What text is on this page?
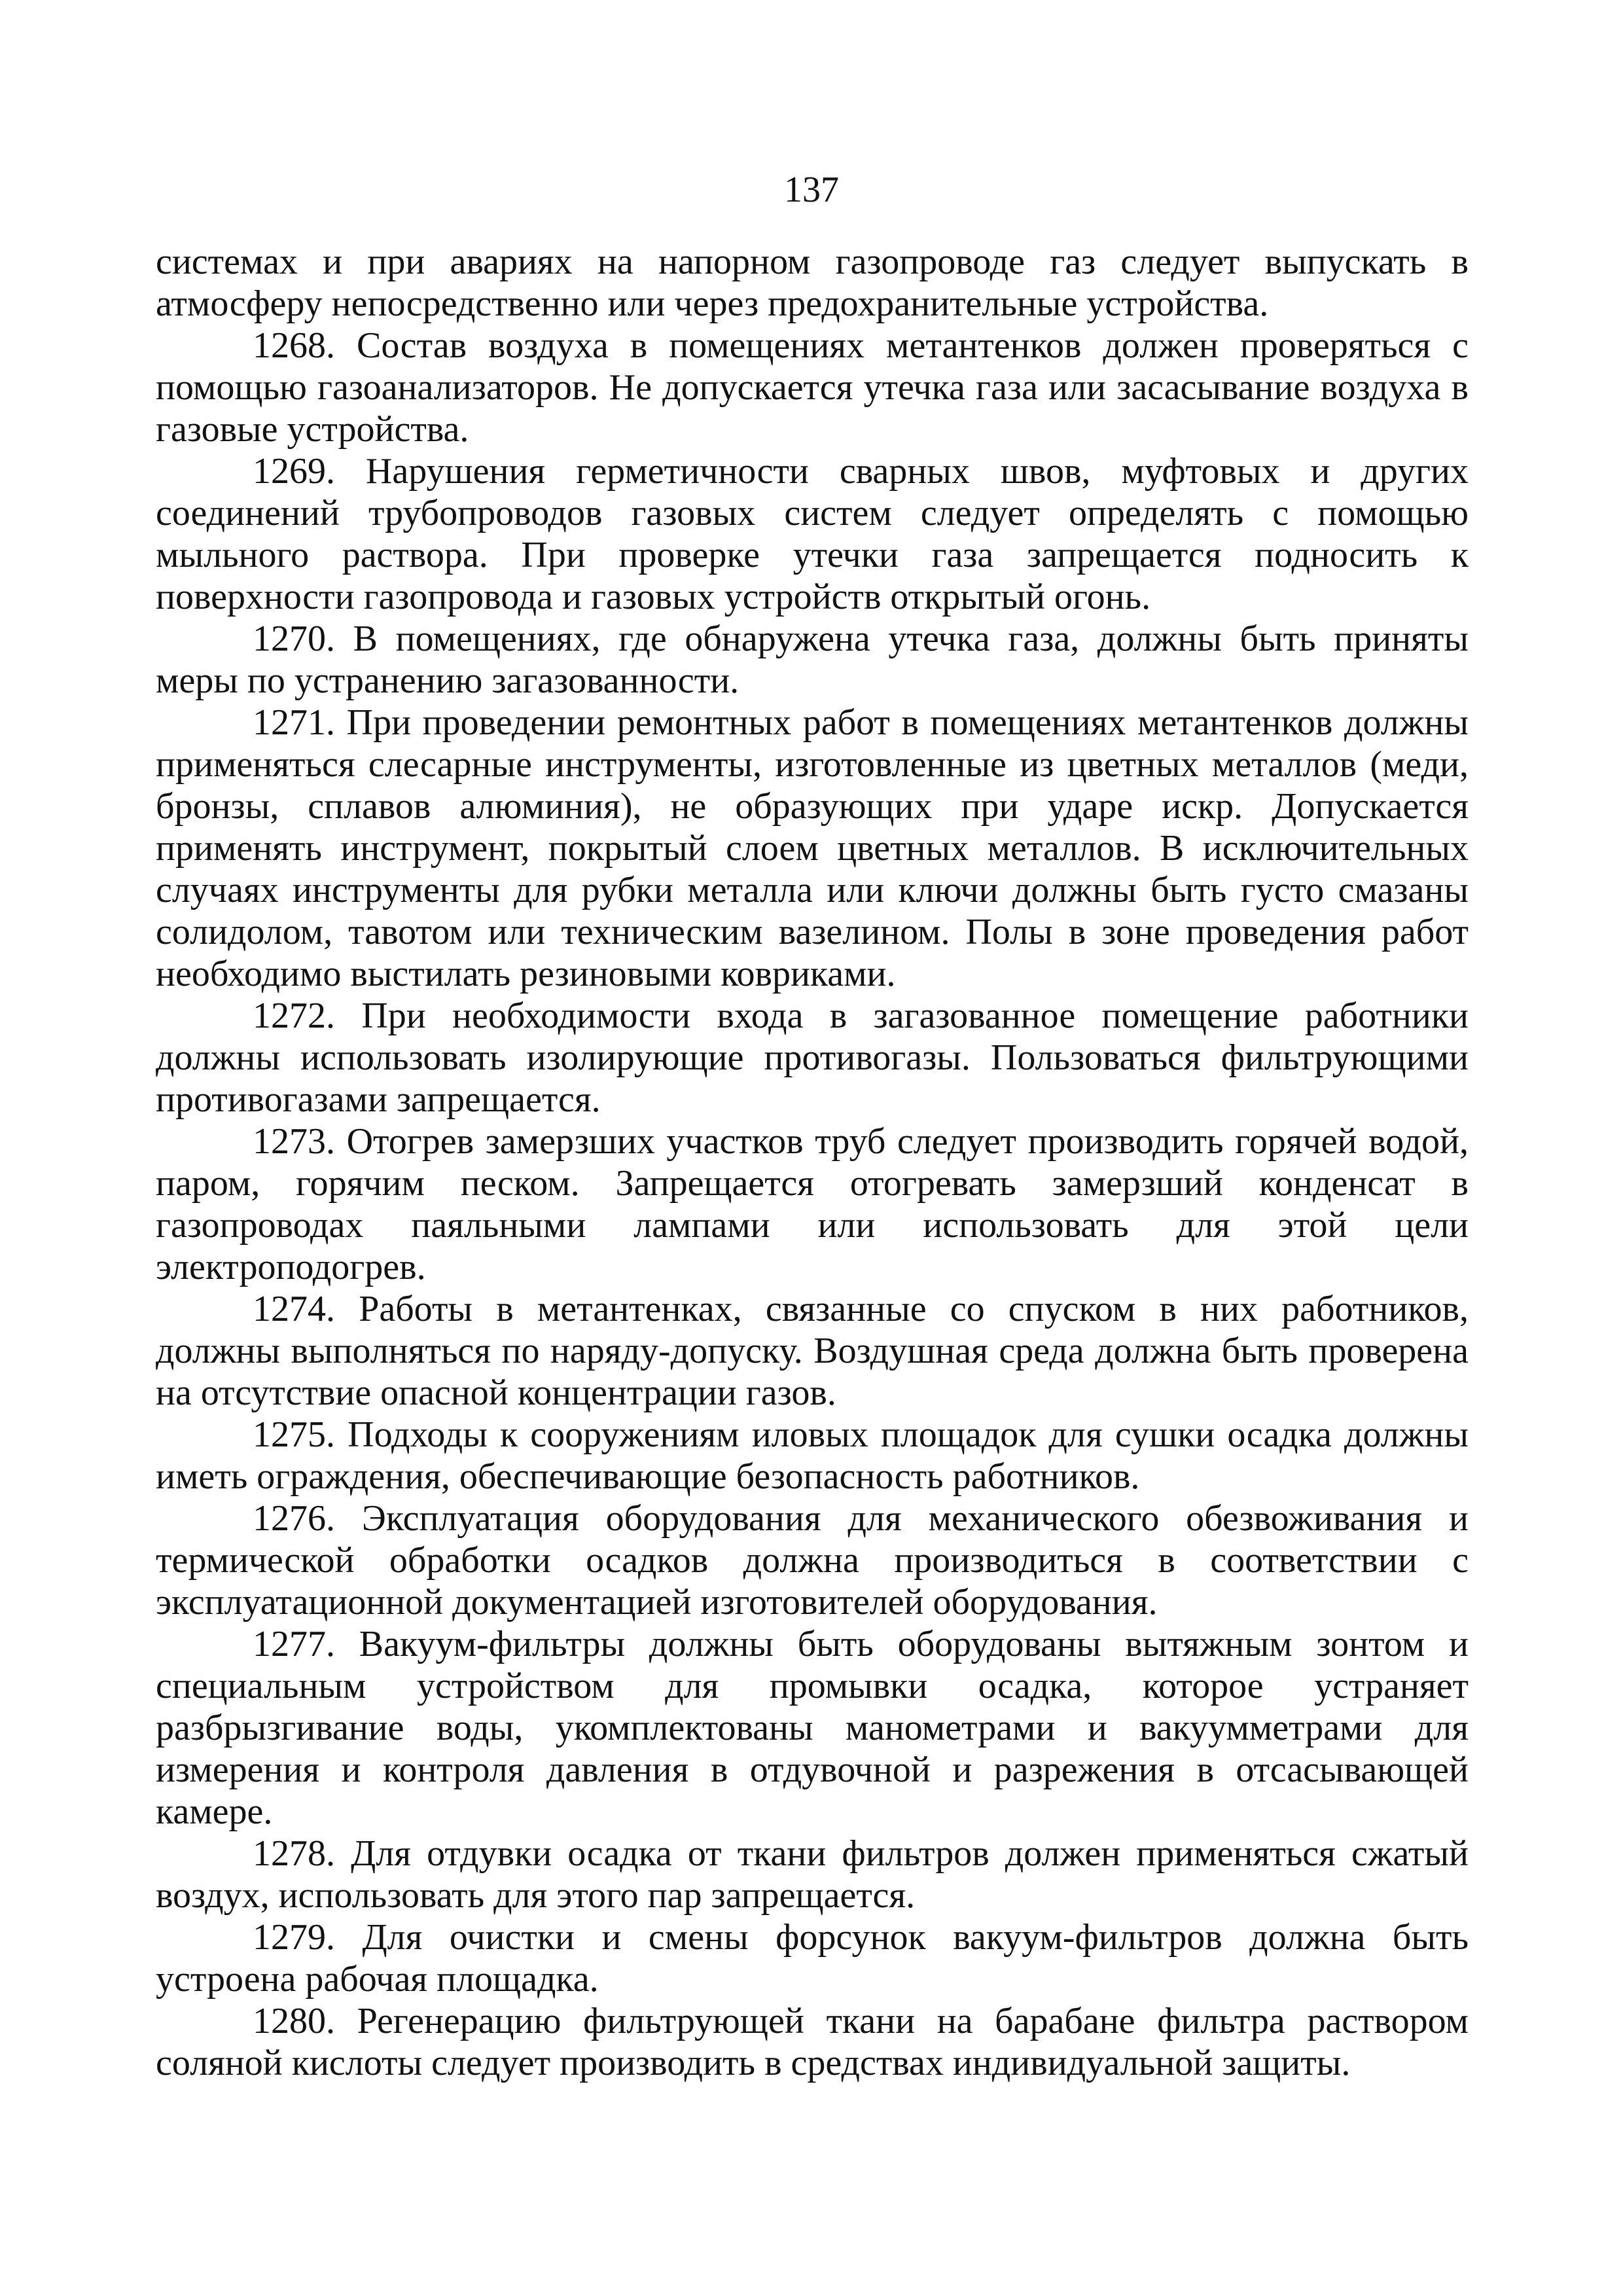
137

системах и при авариях на напорном газопроводе газ следует выпускать в атмосферу непосредственно или через предохранительные устройства.

1268. Состав воздуха в помещениях метантенков должен проверяться с помощью газоанализаторов. Не допускается утечка газа или засасывание воздуха в газовые устройства.

1269. Нарушения герметичности сварных швов, муфтовых и других соединений трубопроводов газовых систем следует определять с помощью мыльного раствора. При проверке утечки газа запрещается подносить к поверхности газопровода и газовых устройств открытый огонь.

1270. В помещениях, где обнаружена утечка газа, должны быть приняты меры по устранению загазованности.

1271. При проведении ремонтных работ в помещениях метантенков должны применяться слесарные инструменты, изготовленные из цветных металлов (меди, бронзы, сплавов алюминия), не образующих при ударе искр. Допускается применять инструмент, покрытый слоем цветных металлов. В исключительных случаях инструменты для рубки металла или ключи должны быть густо смазаны солидолом, тавотом или техническим вазелином. Полы в зоне проведения работ необходимо выстилать резиновыми ковриками.

1272. При необходимости входа в загазованное помещение работники должны использовать изолирующие противогазы. Пользоваться фильтрующими противогазами запрещается.

1273. Отогрев замерзших участков труб следует производить горячей водой, паром, горячим песком. Запрещается отогревать замерзший конденсат в газопроводах паяльными лампами или использовать для этой цели электроподогрев.

1274. Работы в метантенках, связанные со спуском в них работников, должны выполняться по наряду-допуску. Воздушная среда должна быть проверена на отсутствие опасной концентрации газов.

1275. Подходы к сооружениям иловых площадок для сушки осадка должны иметь ограждения, обеспечивающие безопасность работников.

1276. Эксплуатация оборудования для механического обезвоживания и термической обработки осадков должна производиться в соответствии с эксплуатационной документацией изготовителей оборудования.

1277. Вакуум-фильтры должны быть оборудованы вытяжным зонтом и специальным устройством для промывки осадка, которое устраняет разбрызгивание воды, укомплектованы манометрами и вакуумметрами для измерения и контроля давления в отдувочной и разрежения в отсасывающей камере.

1278. Для отдувки осадка от ткани фильтров должен применяться сжатый воздух, использовать для этого пар запрещается.

1279. Для очистки и смены форсунок вакуум-фильтров должна быть устроена рабочая площадка.

1280. Регенерацию фильтрующей ткани на барабане фильтра раствором соляной кислоты следует производить в средствах индивидуальной защиты.
